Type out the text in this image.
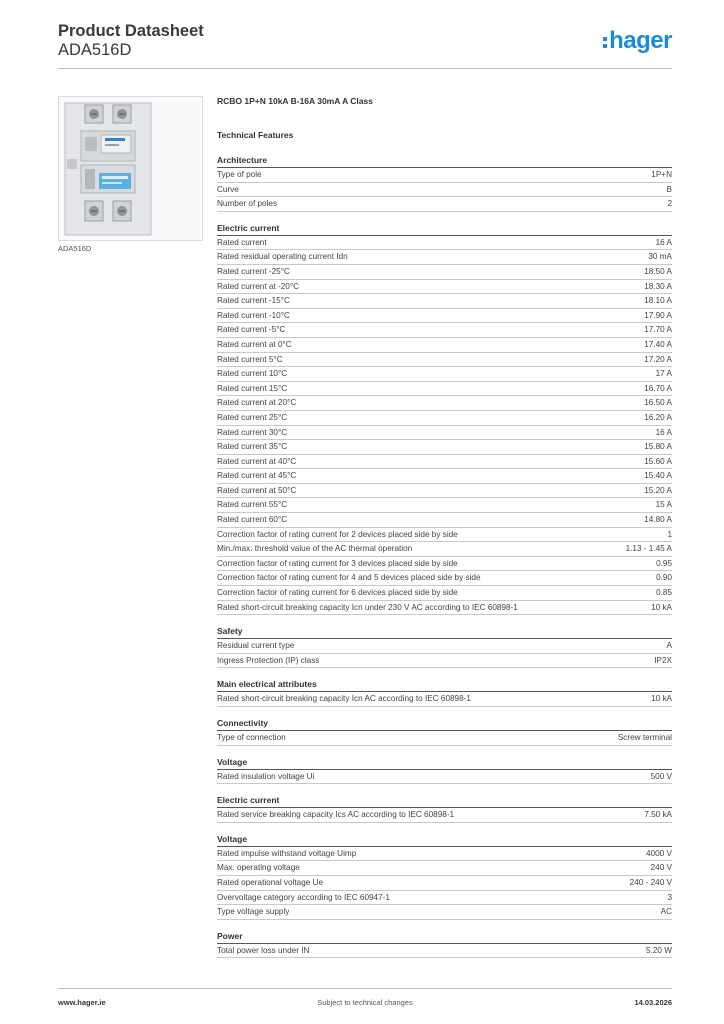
Product Datasheet
ADA516D	hager
ADA516D
RCBO 1P+N 10kA B-16A 30mA A Class
Technical Features
Architecture
Type of pole	1P+N
Curve	B
Number of poles	2
Electric current
Rated current	16 A
Rated residual operating current Idn	30 mA
Rated current -25°C	18.50 A
Rated current at -20°C	18.30 A
Rated current -15°C	18.10 A
Rated current -10°C	17.90 A
Rated current -5°C	17.70 A
Rated current at 0°C	17.40 A
Rated current 5°C	17.20 A
Rated current 10°C	17 A
Rated current 15°C	16.70 A
Rated current at 20°C	16.50 A
Rated current 25°C	16.20 A
Rated current 30°C	16 A
Rated current 35°C	15.80 A
Rated current at 40°C	15.60 A
Rated current at 45°C	15.40 A
Rated current at 50°C	15.20 A
Rated current 55°C	15 A
Rated current 60°C	14.80 A
Correction factor of rating current for 2 devices placed side by side	1
Min./max. threshold value of the AC thermal operation	1.13 - 1.45 A
Correction factor of rating current for 3 devices placed side by side	0.95
Correction factor of rating current for 4 and 5 devices placed side by side	0.90
Correction factor of rating current for 6 devices placed side by side	0.85
Rated short-circuit breaking capacity Icn under 230 V AC according to IEC 60898-1	10 kA
Safety
Residual current type	A
Ingress Protection (IP) class	IP2X
Main electrical attributes
Rated short-circuit breaking capacity Icn AC according to IEC 60898-1	10 kA
Connectivity
Type of connection	Screw terminal
Voltage
Rated insulation voltage Ui	500 V
Electric current
Rated service breaking capacity Ics AC according to IEC 60898-1	7.50 kA
Voltage
Rated impulse withstand voltage Uimp	4000 V
Max. operating voltage	240 V
Rated operational voltage Ue	240 - 240 V
Overvoltage category according to IEC 60947-1	3
Type voltage supply	AC
Power
Total power loss under IN	5.20 W
www.hager.ie	Subject to technical changes	14.03.2026
